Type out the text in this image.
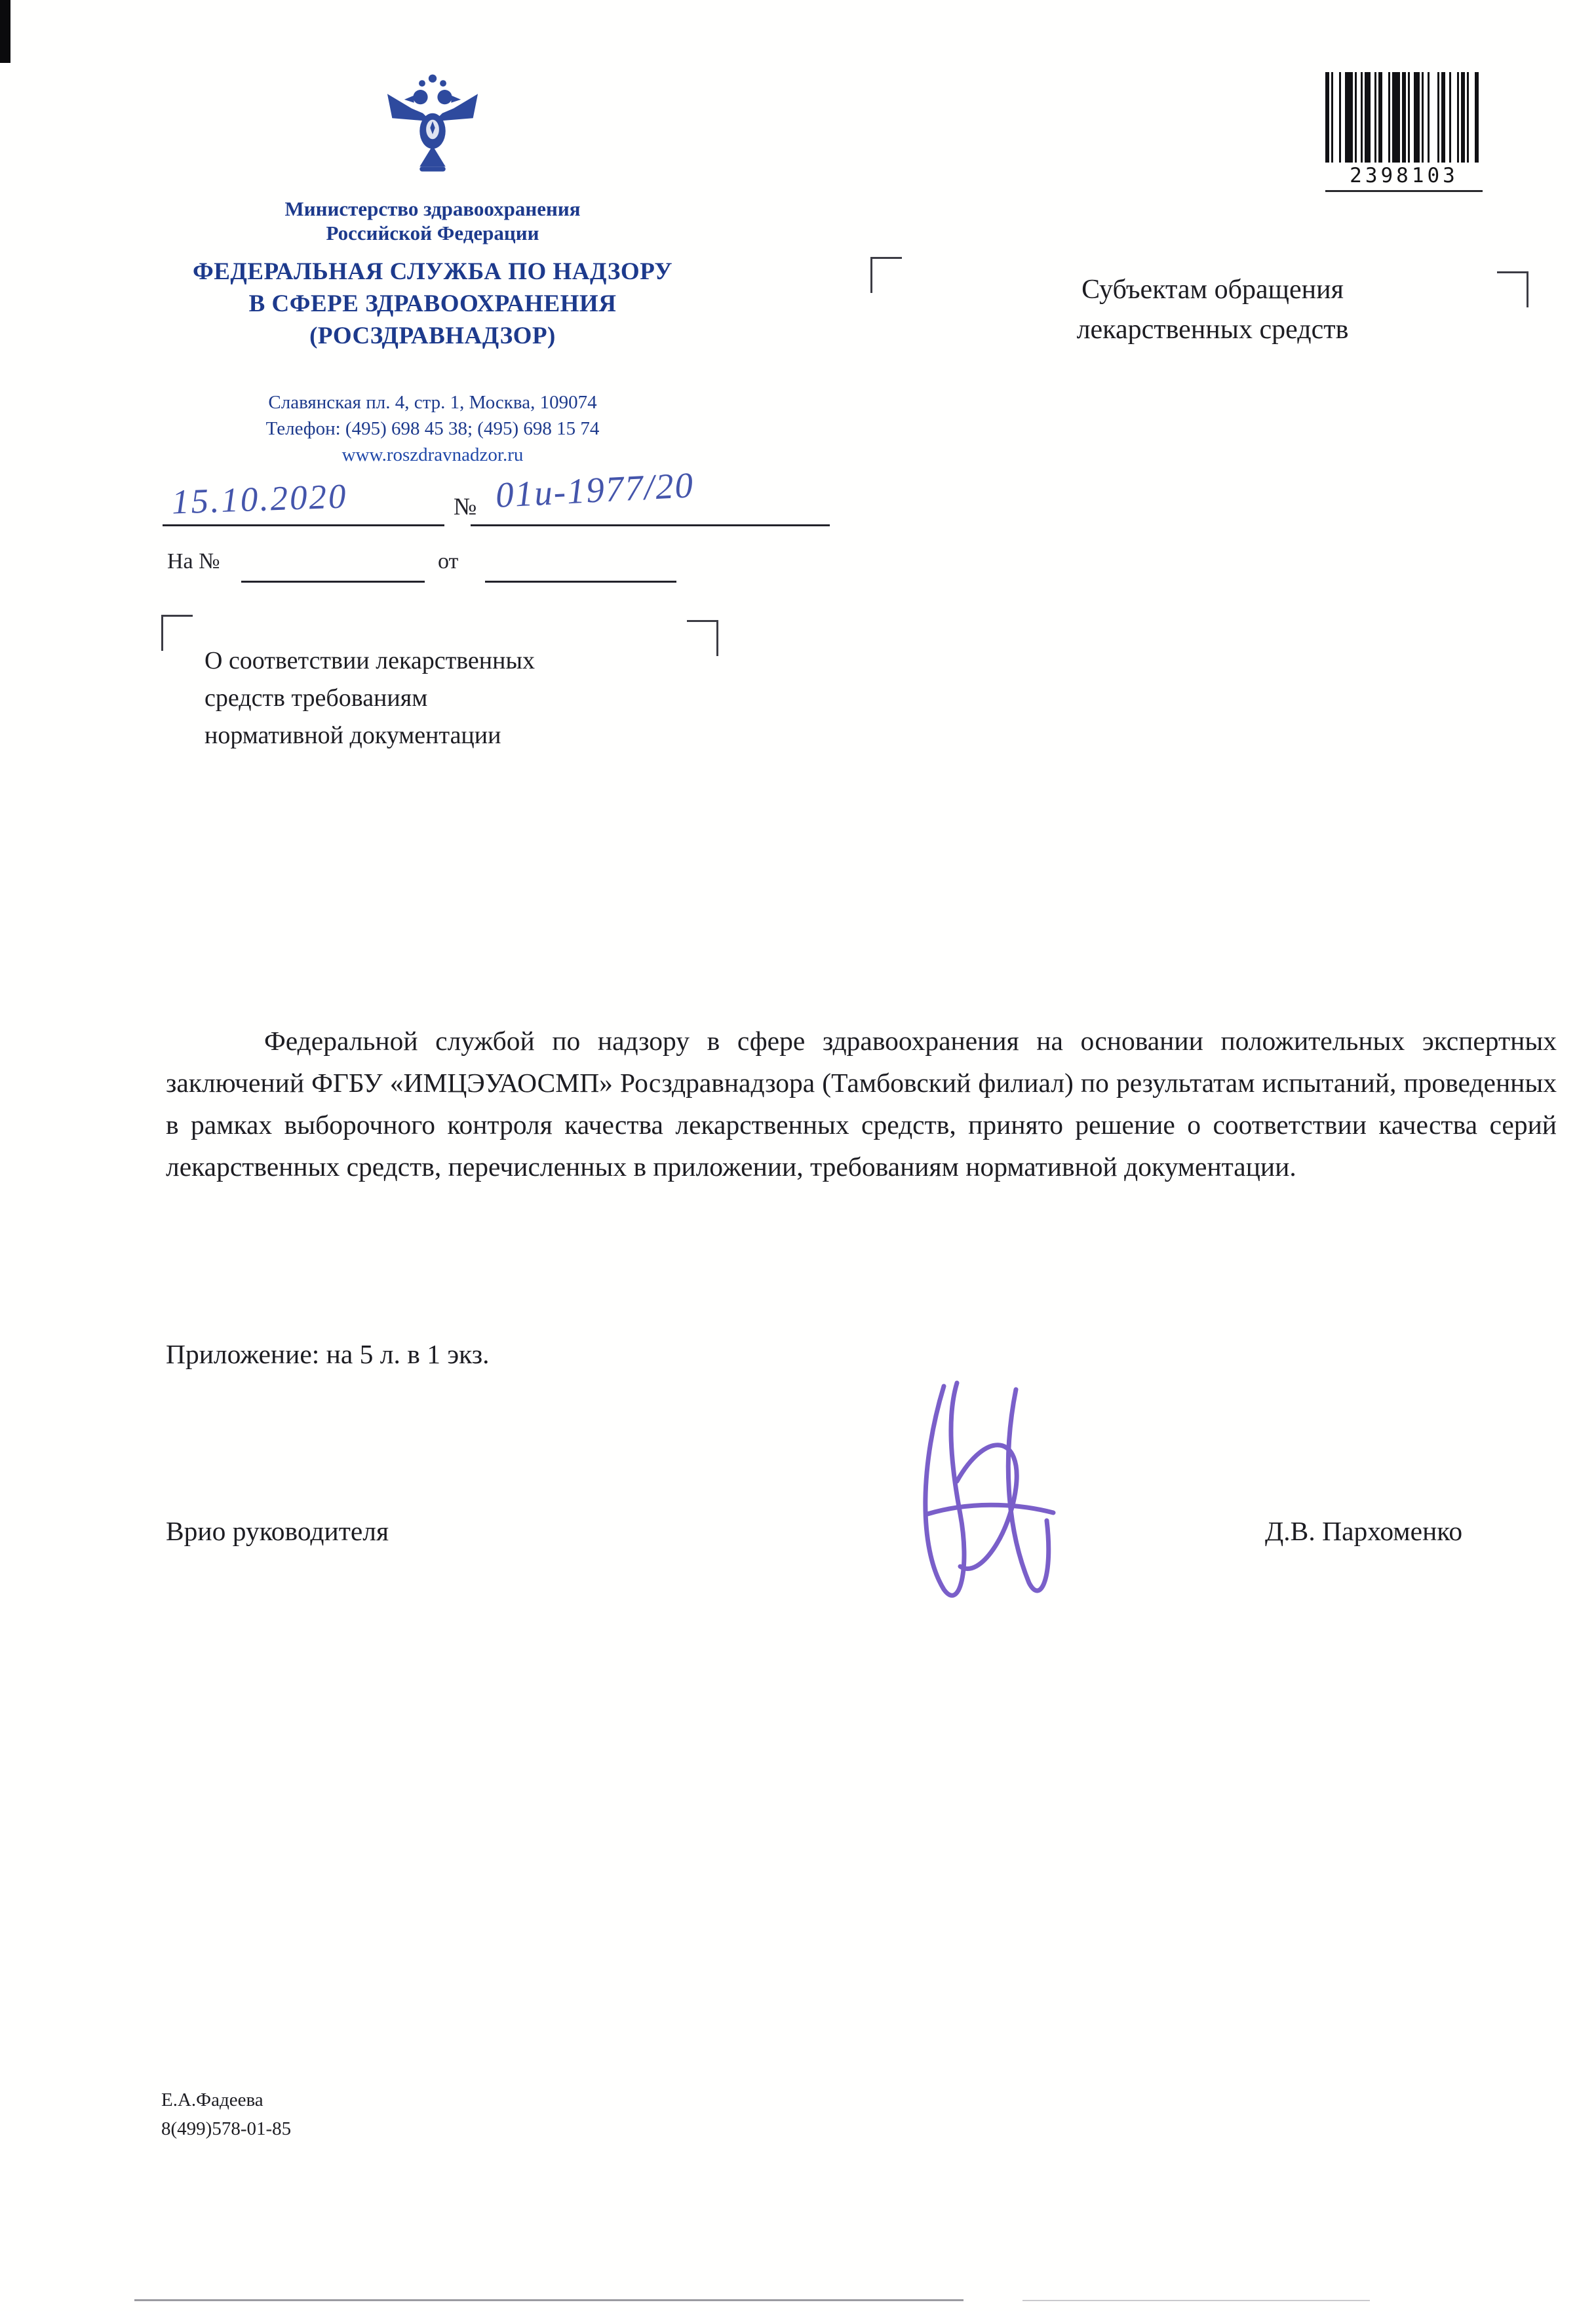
Министерство здравоохранения
Российской Федерации
ФЕДЕРАЛЬНАЯ СЛУЖБА ПО НАДЗОРУ
В СФЕРЕ ЗДРАВООХРАНЕНИЯ
(РОСЗДРАВНАДЗОР)
Славянская пл. 4, стр. 1, Москва, 109074
Телефон: (495) 698 45 38; (495) 698 15 74
www.roszdravnadzor.ru
2398103
15.10.2020	№ 01и-1977/20
На №	от
Субъектам обращения
лекарственных средств
О соответствии лекарственных
средств требованиям
нормативной документации
Федеральной службой по надзору в сфере здравоохранения на основании положительных экспертных заключений ФГБУ «ИМЦЭУАОСМП» Росздравнадзора (Тамбовский филиал) по результатам испытаний, проведенных в рамках выборочного контроля качества лекарственных средств, принято решение о соответствии качества серий лекарственных средств, перечисленных в приложении, требованиям нормативной документации.
Приложение: на 5 л. в 1 экз.
Врио руководителя	Д.В. Пархоменко
Е.А.Фадеева
8(499)578-01-85
